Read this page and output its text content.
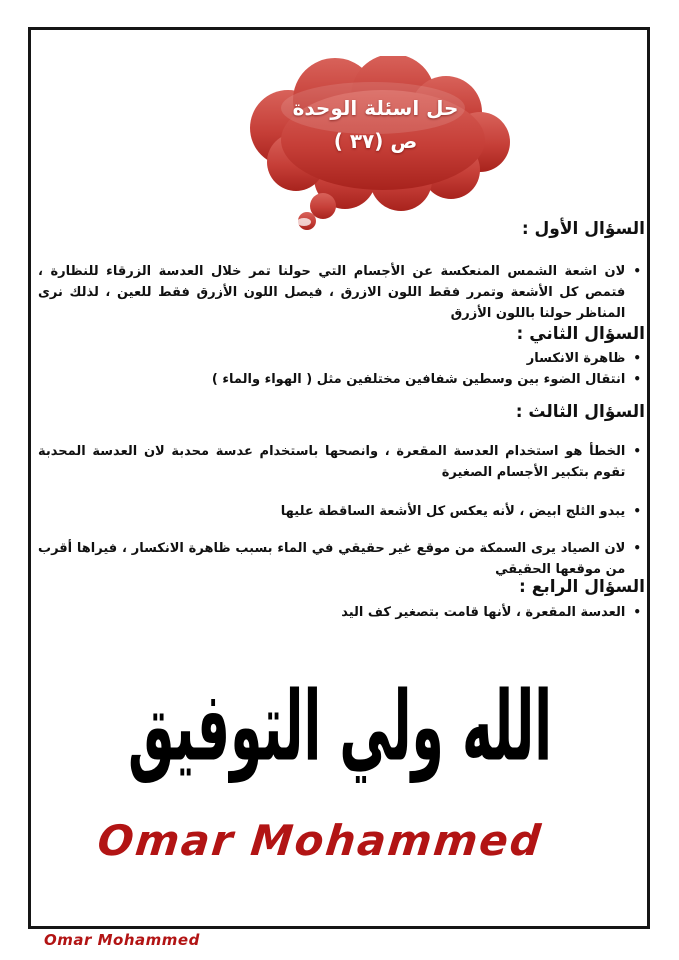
حل اسئلة الوحدة
ص (٣٧ )
السؤال الأول :
•
لان اشعة الشمس المنعكسة عن الأجسام التي حولنا تمر خلال العدسة الزرقاء للنظارة ، فتمص كل الأشعة وتمرر فقط اللون الازرق ، فيصل اللون الأزرق فقط للعين ، لذلك نرى المناظر حولنا باللون الأزرق
السؤال الثاني :
•
ظاهرة الانكسار
•
انتقال الضوء بين وسطين شفافين مختلفين مثل ( الهواء والماء )
السؤال الثالث :
•
الخطأ هو استخدام العدسة المقعرة ، وانصحها باستخدام عدسة محدبة لان العدسة المحدبة تقوم بتكبير الأجسام الصغيرة
•
يبدو الثلج ابيض ، لأنه يعكس كل الأشعة الساقطة عليها
•
لان الصياد يرى السمكة من موقع غير حقيقي في الماء بسبب ظاهرة الانكسار ، فيراها أقرب من موقعها الحقيقي
السؤال الرابع :
•
العدسة المقعرة ، لأنها قامت بتصغير كف اليد
الله ولي التوفيق
Omar Mohammed
Omar Mohammed
